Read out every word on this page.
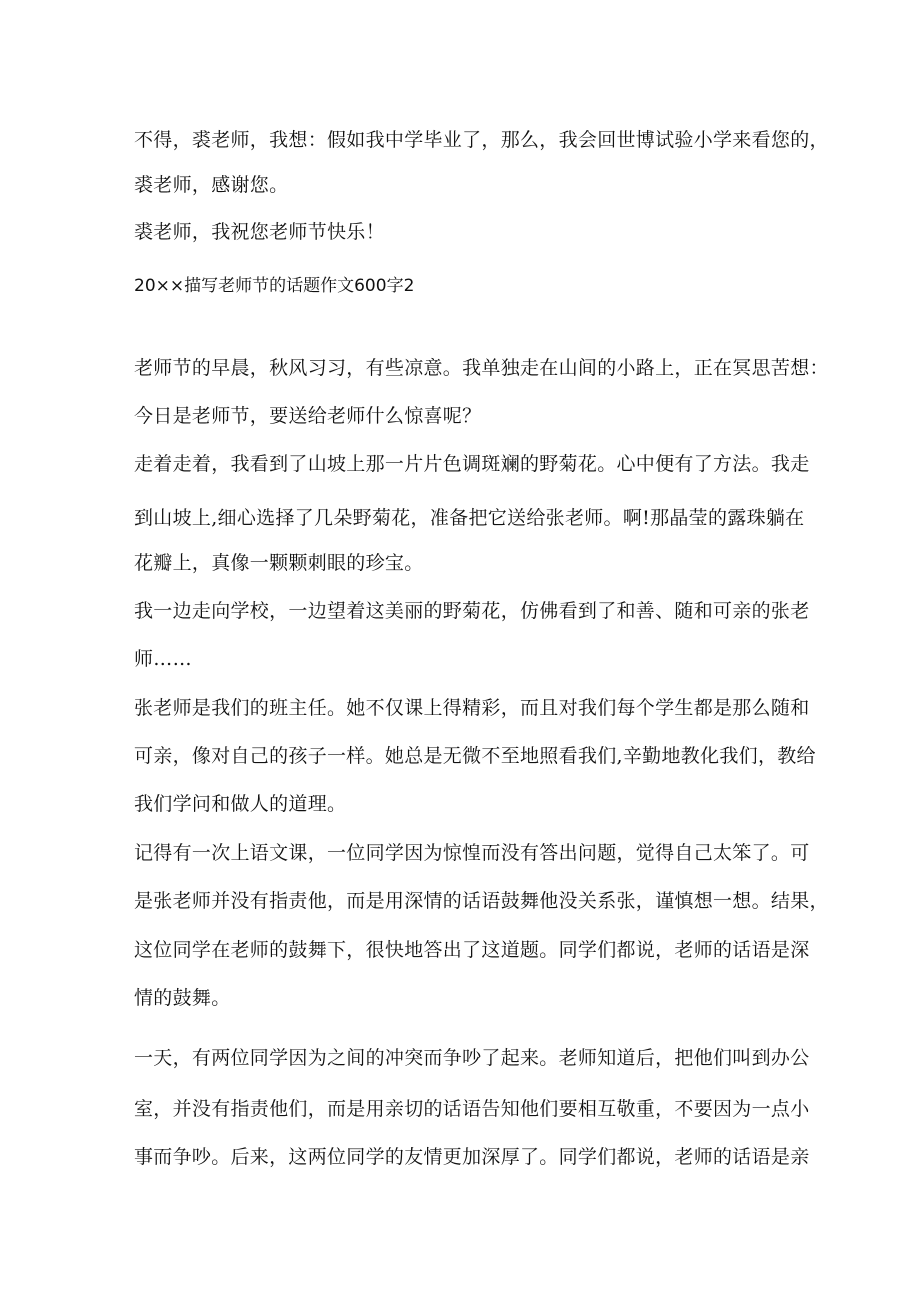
不得，裘老师，我想：假如我中学毕业了，那么，我会回世博试验小学来看您的，

裘老师，感谢您。

裘老师，我祝您老师节快乐！

20××描写老师节的话题作文600字2

老师节的早晨，秋风习习，有些凉意。我单独走在山间的小路上，正在冥思苦想：

今日是老师节，要送给老师什么惊喜呢？

走着走着，我看到了山坡上那一片片色调斑斓的野菊花。心中便有了方法。我走

到山坡上,细心选择了几朵野菊花，准备把它送给张老师。啊!那晶莹的露珠躺在

花瓣上，真像一颗颗刺眼的珍宝。

我一边走向学校，一边望着这美丽的野菊花，仿佛看到了和善、随和可亲的张老

师……

张老师是我们的班主任。她不仅课上得精彩，而且对我们每个学生都是那么随和

可亲，像对自己的孩子一样。她总是无微不至地照看我们,辛勤地教化我们，教给

我们学问和做人的道理。

记得有一次上语文课，一位同学因为惊惶而没有答出问题，觉得自己太笨了。可

是张老师并没有指责他，而是用深情的话语鼓舞他没关系张，谨慎想一想。结果，

这位同学在老师的鼓舞下，很快地答出了这道题。同学们都说，老师的话语是深

情的鼓舞。

一天，有两位同学因为之间的冲突而争吵了起来。老师知道后，把他们叫到办公

室，并没有指责他们，而是用亲切的话语告知他们要相互敬重，不要因为一点小

事而争吵。后来，这两位同学的友情更加深厚了。同学们都说，老师的话语是亲
